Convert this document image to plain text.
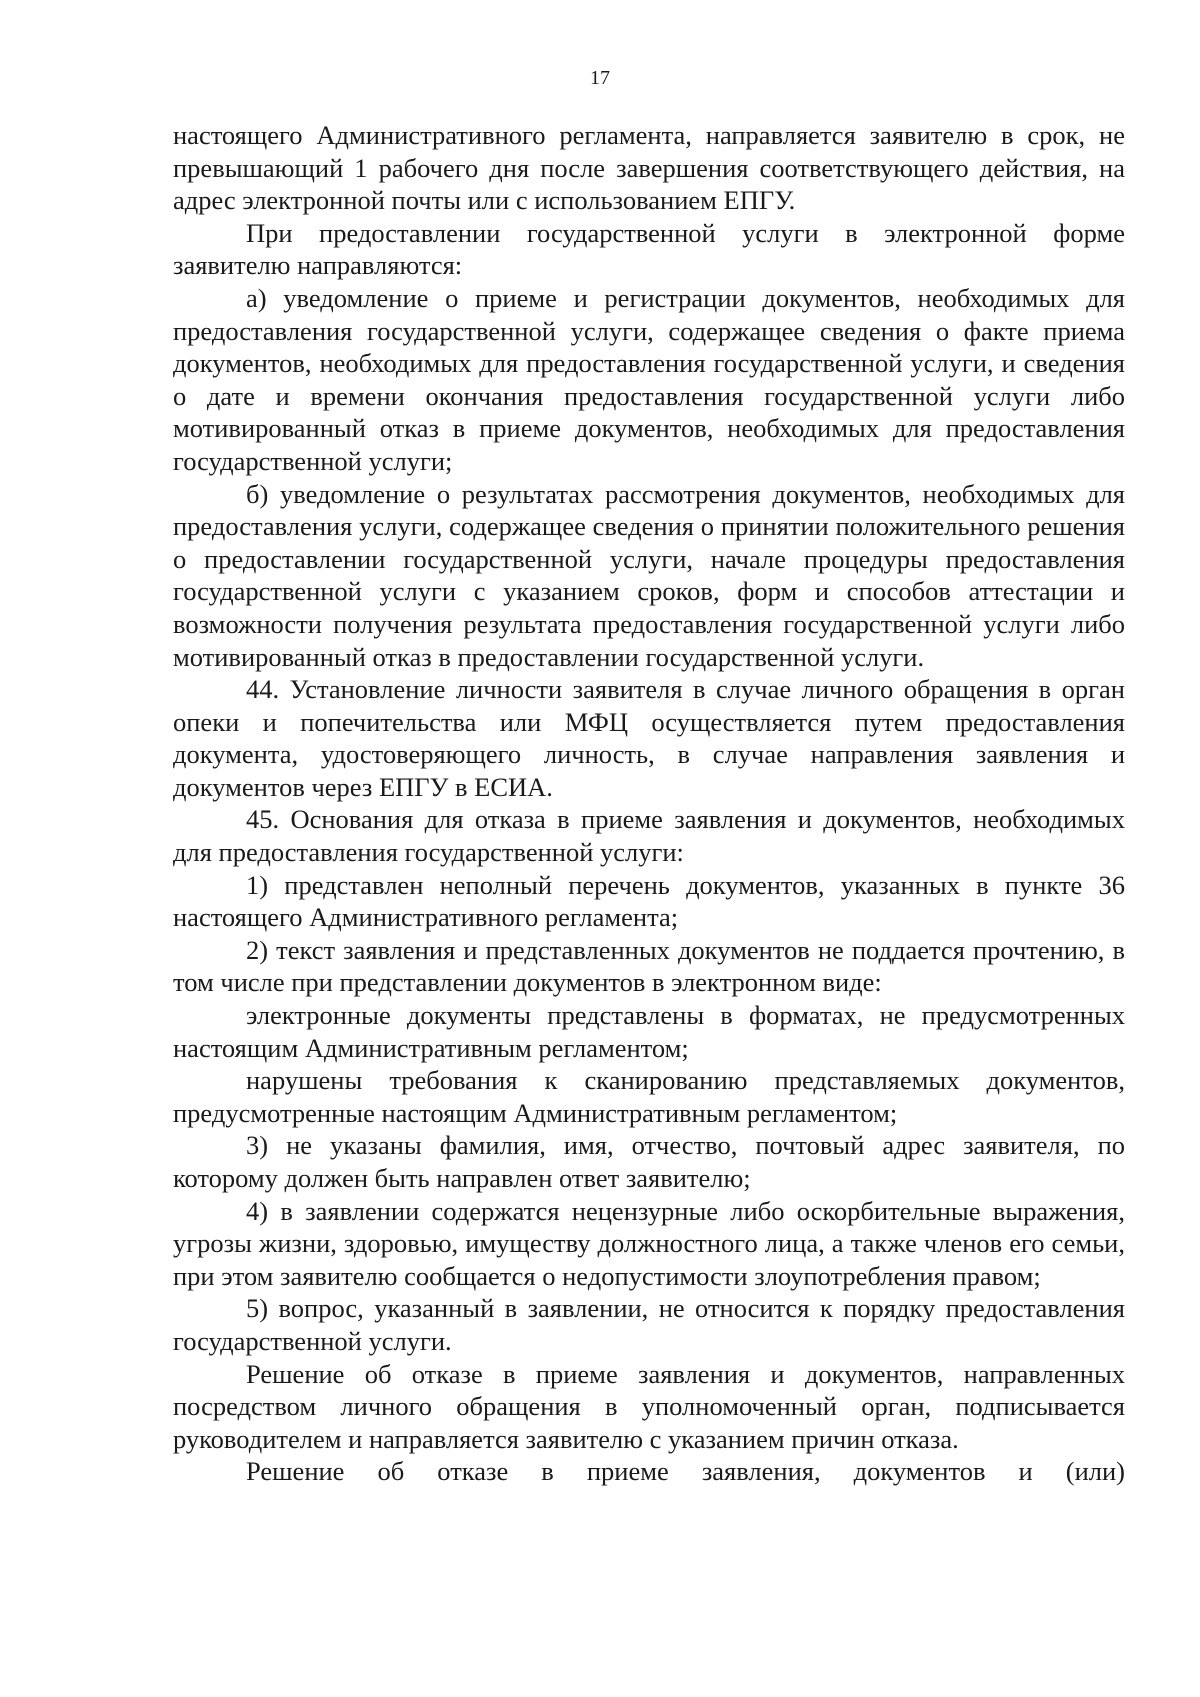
17

настоящего Административного регламента, направляется заявителю в срок, не превышающий 1 рабочего дня после завершения соответствующего действия, на адрес электронной почты или с использованием ЕПГУ.

При предоставлении государственной услуги в электронной форме заявителю направляются:

а) уведомление о приеме и регистрации документов, необходимых для предоставления государственной услуги, содержащее сведения о факте приема документов, необходимых для предоставления государственной услуги, и сведения о дате и времени окончания предоставления государственной услуги либо мотивированный отказ в приеме документов, необходимых для предоставления государственной услуги;

б) уведомление о результатах рассмотрения документов, необходимых для предоставления услуги, содержащее сведения о принятии положительного решения о предоставлении государственной услуги, начале процедуры предоставления государственной услуги с указанием сроков, форм и способов аттестации и возможности получения результата предоставления государственной услуги либо мотивированный отказ в предоставлении государственной услуги.

44. Установление личности заявителя в случае личного обращения в орган опеки и попечительства или МФЦ осуществляется путем предоставления документа, удостоверяющего личность, в случае направления заявления и документов через ЕПГУ в ЕСИА.

45. Основания для отказа в приеме заявления и документов, необходимых для предоставления государственной услуги:

1) представлен неполный перечень документов, указанных в пункте 36 настоящего Административного регламента;

2) текст заявления и представленных документов не поддается прочтению, в том числе при представлении документов в электронном виде:

электронные документы представлены в форматах, не предусмотренных настоящим Административным регламентом;

нарушены требования к сканированию представляемых документов, предусмотренные настоящим Административным регламентом;

3) не указаны фамилия, имя, отчество, почтовый адрес заявителя, по которому должен быть направлен ответ заявителю;

4) в заявлении содержатся нецензурные либо оскорбительные выражения, угрозы жизни, здоровью, имуществу должностного лица, а также членов его семьи, при этом заявителю сообщается о недопустимости злоупотребления правом;

5) вопрос, указанный в заявлении, не относится к порядку предоставления государственной услуги.

Решение об отказе в приеме заявления и документов, направленных посредством личного обращения в уполномоченный орган, подписывается руководителем и направляется заявителю с указанием причин отказа.

Решение об отказе в приеме заявления, документов и (или)
